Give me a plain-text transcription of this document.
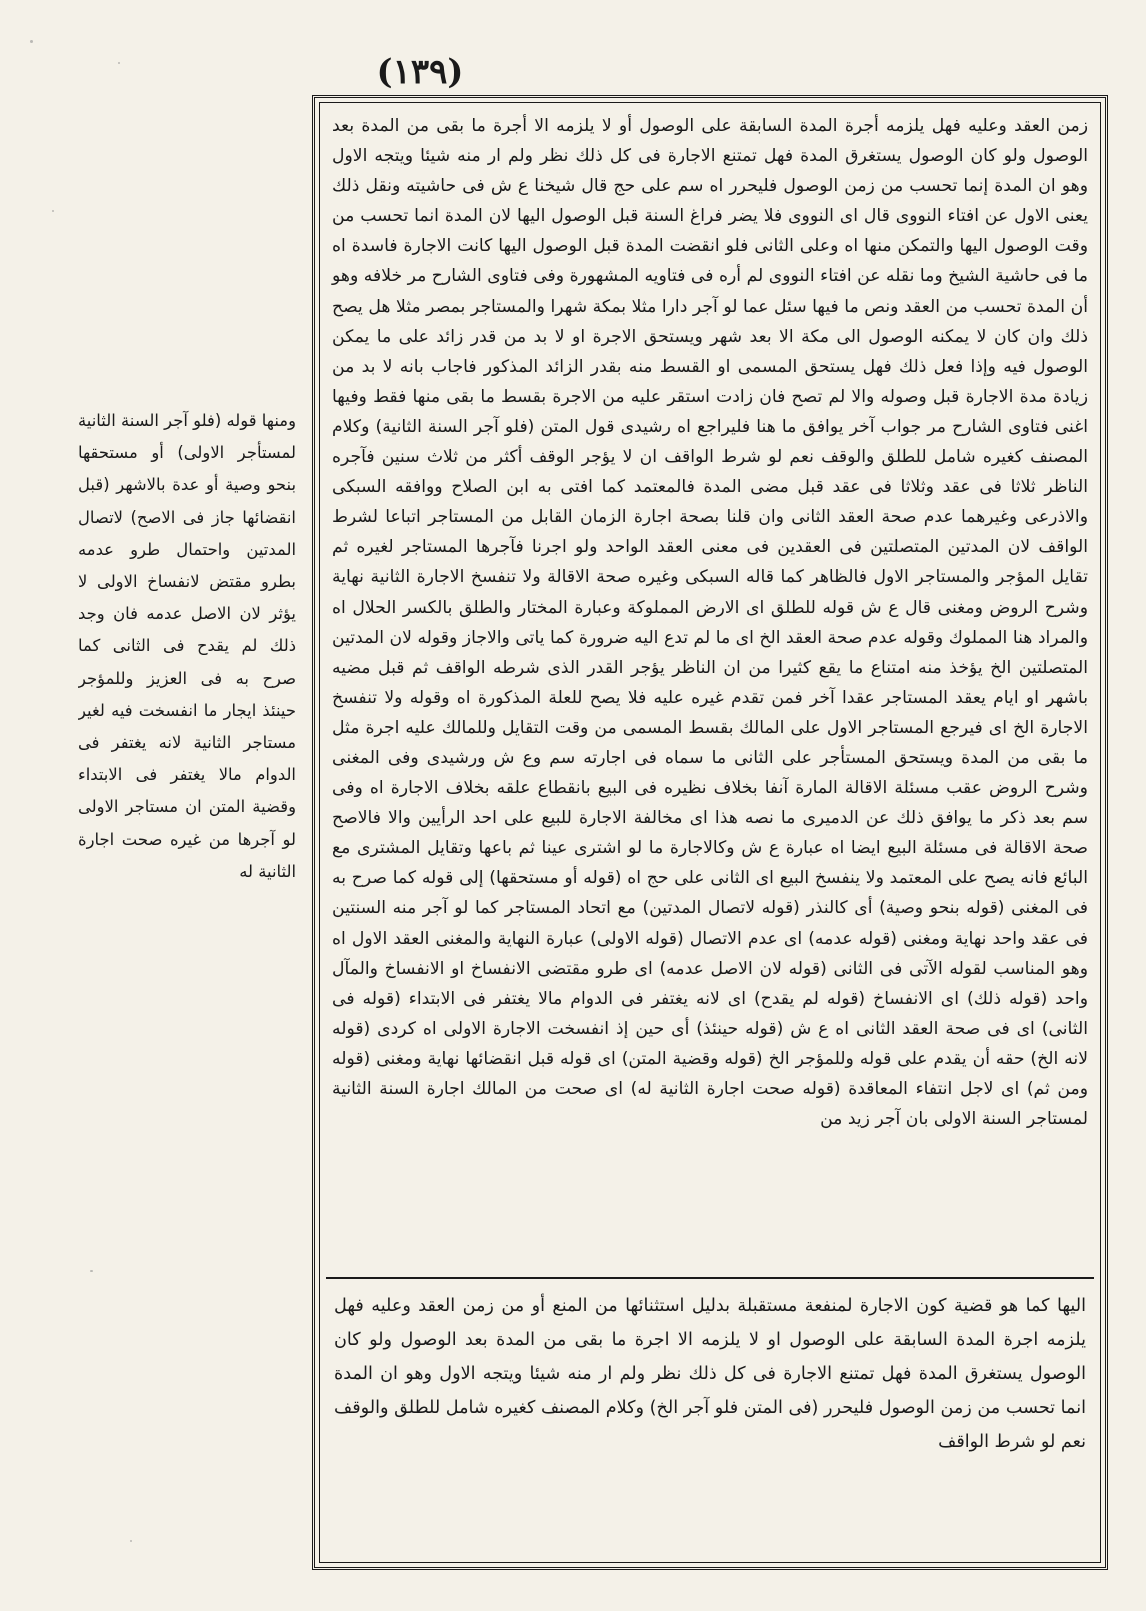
(١٣٩)

ومنها قوله (فلو آجر السنة الثانية لمستأجر الاولى) أو مستحقها بنحو وصية أو عدة بالاشهر (قبل انقضائها جاز فى الاصح) لاتصال المدتين واحتمال طرو عدمه بطرو مقتض لانفساخ الاولى لا يؤثر لان الاصل عدمه فان وجد ذلك لم يقدح فى الثانى كما صرح به فى العزيز وللمؤجر حينئذ ايجار ما انفسخت فيه لغير مستاجر الثانية لانه يغتفر فى الدوام مالا يغتفر فى الابتداء وقضية المتن ان مستاجر الاولى لو آجرها من غيره صحت اجارة الثانية له

زمن العقد وعليه فهل يلزمه أجرة المدة السابقة على الوصول أو لا يلزمه الا أجرة ما بقى من المدة بعد الوصول ولو كان الوصول يستغرق المدة فهل تمتنع الاجارة فى كل ذلك نظر ولم ار منه شيئا ويتجه الاول وهو ان المدة إنما تحسب من زمن الوصول فليحرر اه سم على حج قال شيخنا ع ش فى حاشيته ونقل ذلك يعنى الاول عن افتاء النووى قال اى النووى فلا يضر فراغ السنة قبل الوصول اليها لان المدة انما تحسب من وقت الوصول اليها والتمكن منها اه وعلى الثانى فلو انقضت المدة قبل الوصول اليها كانت الاجارة فاسدة اه ما فى حاشية الشيخ وما نقله عن افتاء النووى لم أره فى فتاويه المشهورة وفى فتاوى الشارح مر خلافه وهو أن المدة تحسب من العقد ونص ما فيها سئل عما لو آجر دارا مثلا بمكة شهرا والمستاجر بمصر مثلا هل يصح ذلك وان كان لا يمكنه الوصول الى مكة الا بعد شهر ويستحق الاجرة او لا بد من قدر زائد على ما يمكن الوصول فيه وإذا فعل ذلك فهل يستحق المسمى او القسط منه بقدر الزائد المذكور فاجاب بانه لا بد من زيادة مدة الاجارة قبل وصوله والا لم تصح فان زادت استقر عليه من الاجرة بقسط ما بقى منها فقط وفيها اغنى فتاوى الشارح مر جواب آخر يوافق ما هنا فليراجع اه رشيدى قول المتن (فلو آجر السنة الثانية) وكلام المصنف كغيره شامل للطلق والوقف نعم لو شرط الواقف ان لا يؤجر الوقف أكثر من ثلاث سنين فآجره الناظر ثلاثا فى عقد وثلاثا فى عقد قبل مضى المدة فالمعتمد كما افتى به ابن الصلاح ووافقه السبكى والاذرعى وغيرهما عدم صحة العقد الثانى وان قلنا بصحة اجارة الزمان القابل من المستاجر اتباعا لشرط الواقف لان المدتين المتصلتين فى العقدين فى معنى العقد الواحد ولو اجرنا فآجرها المستاجر لغيره ثم تقايل المؤجر والمستاجر الاول فالظاهر كما قاله السبكى وغيره صحة الاقالة ولا تنفسخ الاجارة الثانية نهاية وشرح الروض ومغنى قال ع ش قوله للطلق اى الارض المملوكة وعبارة المختار والطلق بالكسر الحلال اه والمراد هنا المملوك وقوله عدم صحة العقد الخ اى ما لم تدع اليه ضرورة كما ياتى والاجاز وقوله لان المدتين المتصلتين الخ يؤخذ منه امتناع ما يقع كثيرا من ان الناظر يؤجر القدر الذى شرطه الواقف ثم قبل مضيه باشهر او ايام يعقد المستاجر عقدا آخر فمن تقدم غيره عليه فلا يصح للعلة المذكورة اه وقوله ولا تنفسخ الاجارة الخ اى فيرجع المستاجر الاول على المالك بقسط المسمى من وقت التقايل وللمالك عليه اجرة مثل ما بقى من المدة ويستحق المستأجر على الثانى ما سماه فى اجارته سم وع ش ورشيدى وفى المغنى وشرح الروض عقب مسئلة الاقالة المارة آنفا بخلاف نظيره فى البيع بانقطاع علقه بخلاف الاجارة اه وفى سم بعد ذكر ما يوافق ذلك عن الدميرى ما نصه هذا اى مخالفة الاجارة للبيع على احد الرأيين والا فالاصح صحة الاقالة فى مسئلة البيع ايضا اه عبارة ع ش وكالاجارة ما لو اشترى عينا ثم باعها وتقايل المشترى مع البائع فانه يصح على المعتمد ولا ينفسخ البيع اى الثانى على حج اه (قوله أو مستحقها) إلى قوله كما صرح به فى المغنى (قوله بنحو وصية) أى كالنذر (قوله لاتصال المدتين) مع اتحاد المستاجر كما لو آجر منه السنتين فى عقد واحد نهاية ومغنى (قوله عدمه) اى عدم الاتصال (قوله الاولى) عبارة النهاية والمغنى العقد الاول اه وهو المناسب لقوله الآتى فى الثانى (قوله لان الاصل عدمه) اى طرو مقتضى الانفساخ او الانفساخ والمآل واحد (قوله ذلك) اى الانفساخ (قوله لم يقدح) اى لانه يغتفر فى الدوام مالا يغتفر فى الابتداء (قوله فى الثانى) اى فى صحة العقد الثانى اه ع ش (قوله حينئذ) أى حين إذ انفسخت الاجارة الاولى اه كردى (قوله لانه الخ) حقه أن يقدم على قوله وللمؤجر الخ (قوله وقضية المتن) اى قوله قبل انقضائها نهاية ومغنى (قوله ومن ثم) اى لاجل انتفاء المعاقدة (قوله صحت اجارة الثانية له) اى صحت من المالك اجارة السنة الثانية لمستاجر السنة الاولى بان آجر زيد من

اليها كما هو قضية كون الاجارة لمنفعة مستقبلة بدليل استثنائها من المنع أو من زمن العقد وعليه فهل يلزمه اجرة المدة السابقة على الوصول او لا يلزمه الا اجرة ما بقى من المدة بعد الوصول ولو كان الوصول يستغرق المدة فهل تمتنع الاجارة فى كل ذلك نظر ولم ار منه شيئا ويتجه الاول وهو ان المدة انما تحسب من زمن الوصول فليحرر (فى المتن فلو آجر الخ) وكلام المصنف كغيره شامل للطلق والوقف نعم لو شرط الواقف
